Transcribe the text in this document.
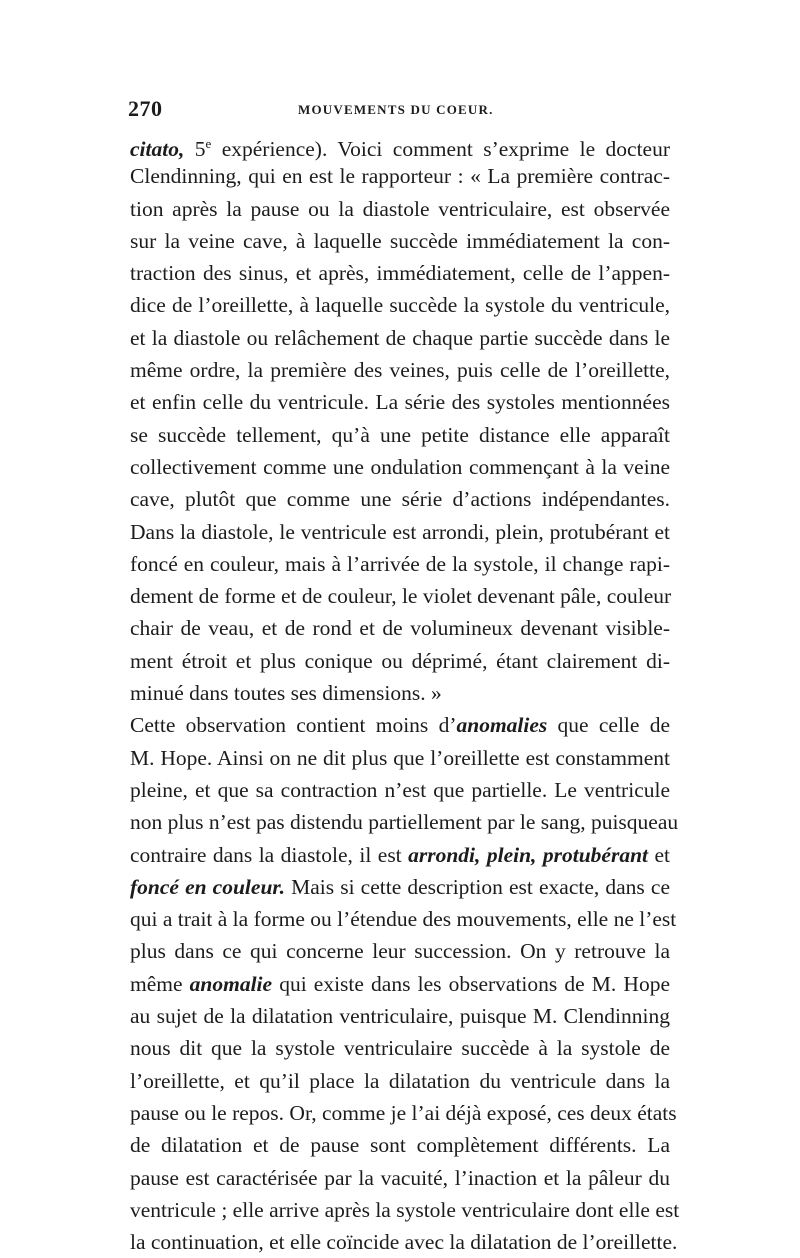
270	MOUVEMENTS DU COEUR.
citato, 5e expérience). Voici comment s’exprime le docteur
Clendinning, qui en est le rapporteur : « La première contrac-
tion après la pause ou la diastole ventriculaire, est observée
sur la veine cave, à laquelle succède immédiatement la con-
traction des sinus, et après, immédiatement, celle de l’appen-
dice de l’oreillette, à laquelle succède la systole du ventricule,
et la diastole ou relâchement de chaque partie succède dans le
même ordre, la première des veines, puis celle de l’oreillette,
et enfin celle du ventricule. La série des systoles mentionnées
se succède tellement, qu’à une petite distance elle apparaît
collectivement comme une ondulation commençant à la veine
cave, plutôt que comme une série d’actions indépendantes.
Dans la diastole, le ventricule est arrondi, plein, protubérant et
foncé en couleur, mais à l’arrivée de la systole, il change rapi-
dement de forme et de couleur, le violet devenant pâle, couleur
chair de veau, et de rond et de volumineux devenant visible-
ment étroit et plus conique ou déprimé, étant clairement di-
minué dans toutes ses dimensions. »
Cette observation contient moins d’anomalies que celle de
M. Hope. Ainsi on ne dit plus que l’oreillette est constamment
pleine, et que sa contraction n’est que partielle. Le ventricule
non plus n’est pas distendu partiellement par le sang, puisqueau
contraire dans la diastole, il est arrondi, plein, protubérant et
foncé en couleur. Mais si cette description est exacte, dans ce
qui a trait à la forme ou l’étendue des mouvements, elle ne l’est
plus dans ce qui concerne leur succession. On y retrouve la
même anomalie qui existe dans les observations de M. Hope
au sujet de la dilatation ventriculaire, puisque M. Clendinning
nous dit que la systole ventriculaire succède à la systole de
l’oreillette, et qu’il place la dilatation du ventricule dans la
pause ou le repos. Or, comme je l’ai déjà exposé, ces deux états
de dilatation et de pause sont complètement différents. La
pause est caractérisée par la vacuité, l’inaction et la pâleur du
ventricule ; elle arrive après la systole ventriculaire dont elle est
la continuation, et elle coïncide avec la dilatation de l’oreillette.
